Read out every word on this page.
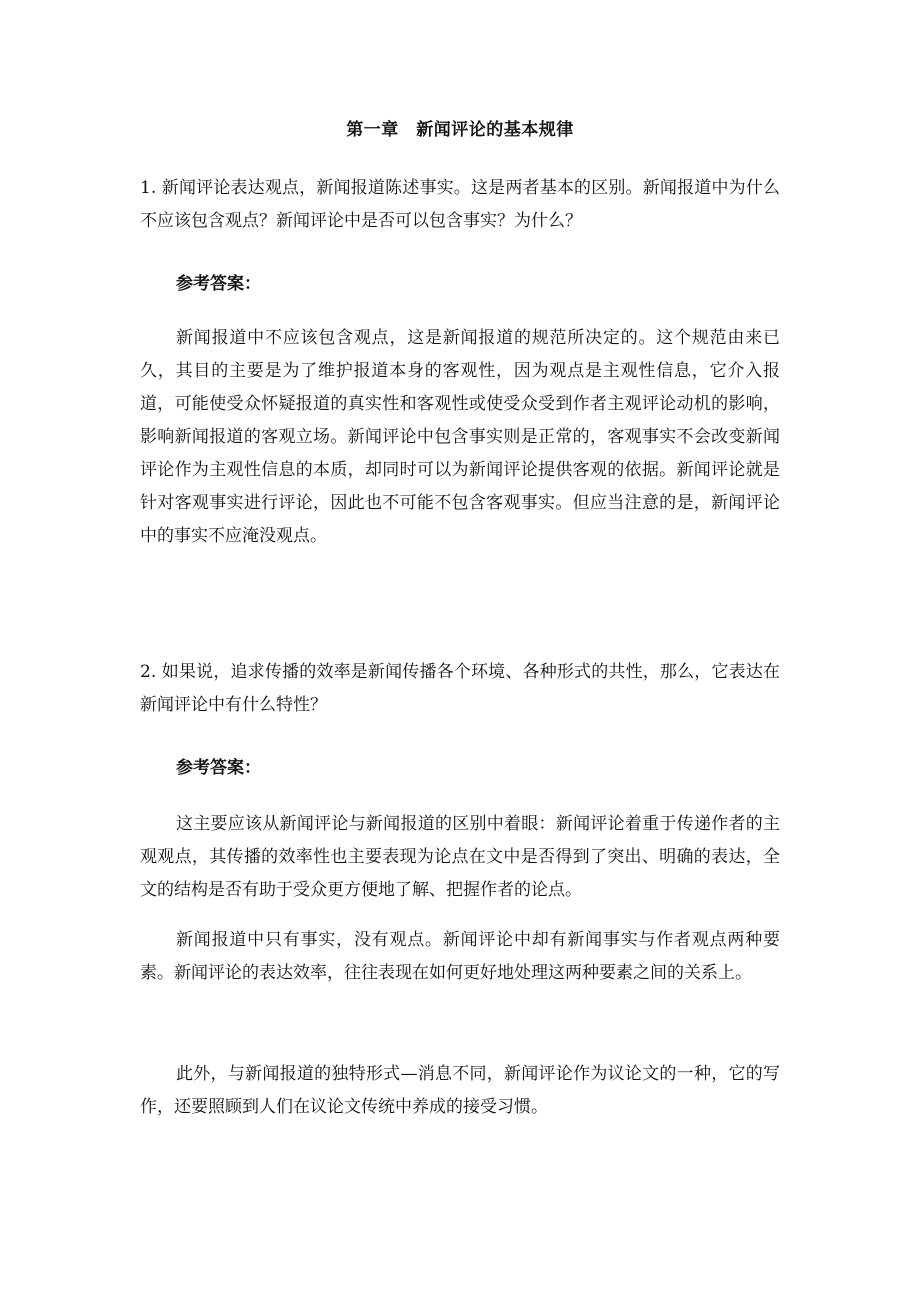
第一章　新闻评论的基本规律
1. 新闻评论表达观点，新闻报道陈述事实。这是两者基本的区别。新闻报道中为什么不应该包含观点？新闻评论中是否可以包含事实？为什么？
参考答案：
新闻报道中不应该包含观点，这是新闻报道的规范所决定的。这个规范由来已久，其目的主要是为了维护报道本身的客观性，因为观点是主观性信息，它介入报道，可能使受众怀疑报道的真实性和客观性或使受众受到作者主观评论动机的影响，影响新闻报道的客观立场。新闻评论中包含事实则是正常的，客观事实不会改变新闻评论作为主观性信息的本质，却同时可以为新闻评论提供客观的依据。新闻评论就是针对客观事实进行评论，因此也不可能不包含客观事实。但应当注意的是，新闻评论中的事实不应淹没观点。
2. 如果说，追求传播的效率是新闻传播各个环境、各种形式的共性，那么，它表达在新闻评论中有什么特性？
参考答案：
这主要应该从新闻评论与新闻报道的区别中着眼：新闻评论着重于传递作者的主观观点，其传播的效率性也主要表现为论点在文中是否得到了突出、明确的表达，全文的结构是否有助于受众更方便地了解、把握作者的论点。
新闻报道中只有事实，没有观点。新闻评论中却有新闻事实与作者观点两种要素。新闻评论的表达效率，往往表现在如何更好地处理这两种要素之间的关系上。
此外，与新闻报道的独特形式—消息不同，新闻评论作为议论文的一种，它的写作，还要照顾到人们在议论文传统中养成的接受习惯。
